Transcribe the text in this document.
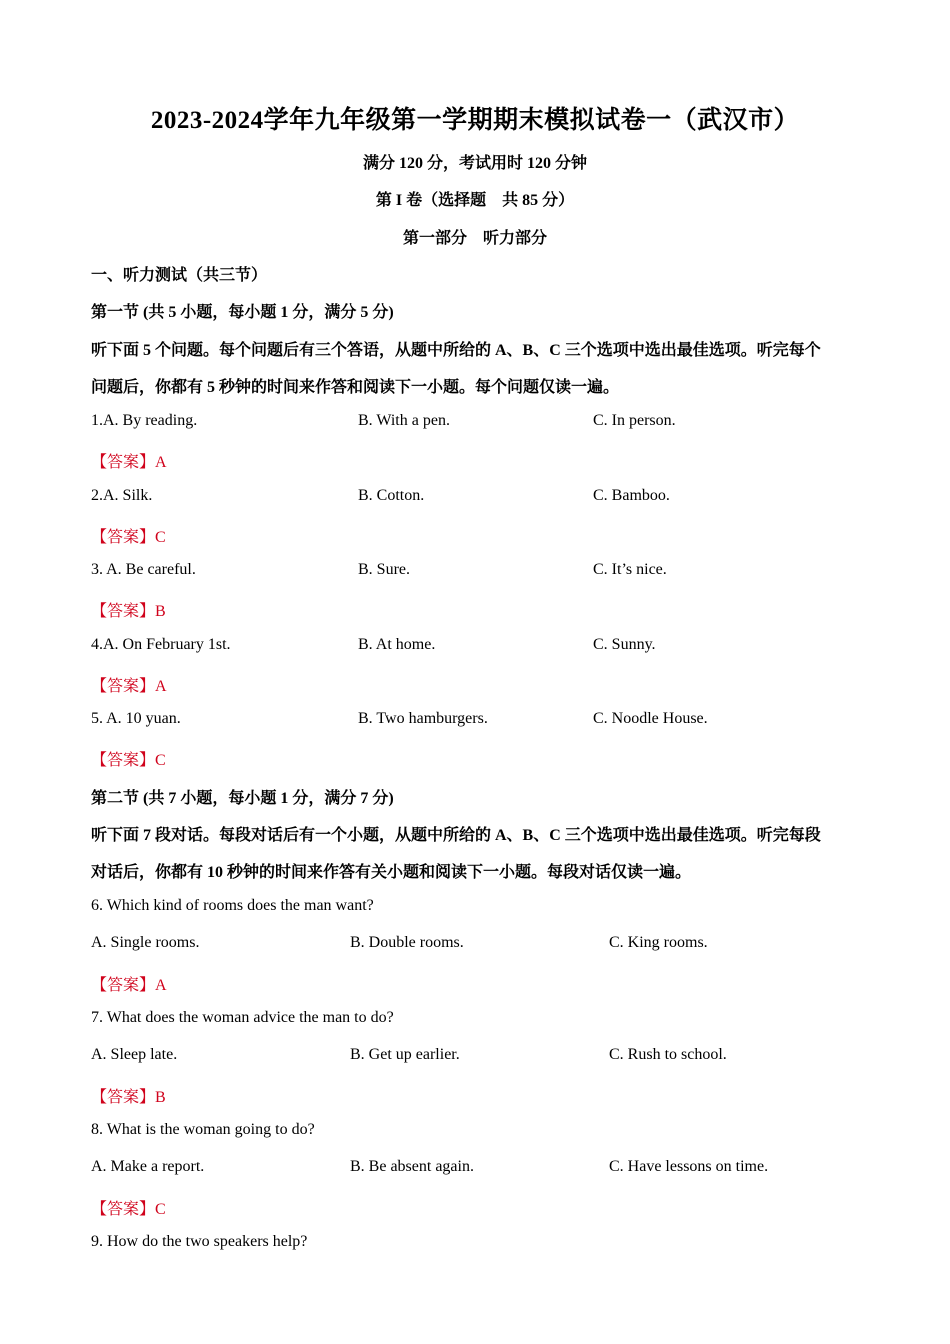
2023-2024学年九年级第一学期期末模拟试卷一（武汉市）
满分 120 分，考试用时 120 分钟
第 I 卷（选择题　共 85 分）
第一部分　听力部分
一、听力测试（共三节）
第一节 (共 5 小题，每小题 1 分，满分 5 分)
听下面 5 个问题。每个问题后有三个答语，从题中所给的 A、B、C 三个选项中选出最佳选项。听完每个
问题后，你都有 5 秒钟的时间来作答和阅读下一小题。每个问题仅读一遍。
1.A. By reading.	B. With a pen.	C. In person.
【答案】A
2.A. Silk.	B. Cotton.	C. Bamboo.
【答案】C
3. A. Be careful.	B. Sure.	C. It’s nice.
【答案】B
4.A. On February 1st.	B. At home.	C. Sunny.
【答案】A
5. A. 10 yuan.	B. Two hamburgers.	C. Noodle House.
【答案】C
第二节 (共 7 小题，每小题 1 分，满分 7 分)
听下面 7 段对话。每段对话后有一个小题，从题中所给的 A、B、C 三个选项中选出最佳选项。听完每段
对话后，你都有 10 秒钟的时间来作答有关小题和阅读下一小题。每段对话仅读一遍。
6. Which kind of rooms does the man want?
A. Single rooms.	B. Double rooms.	C. King rooms.
【答案】A
7. What does the woman advice the man to do?
A. Sleep late.	B. Get up earlier.	C. Rush to school.
【答案】B
8. What is the woman going to do?
A. Make a report.	B. Be absent again.	C. Have lessons on time.
【答案】C
9. How do the two speakers help?
